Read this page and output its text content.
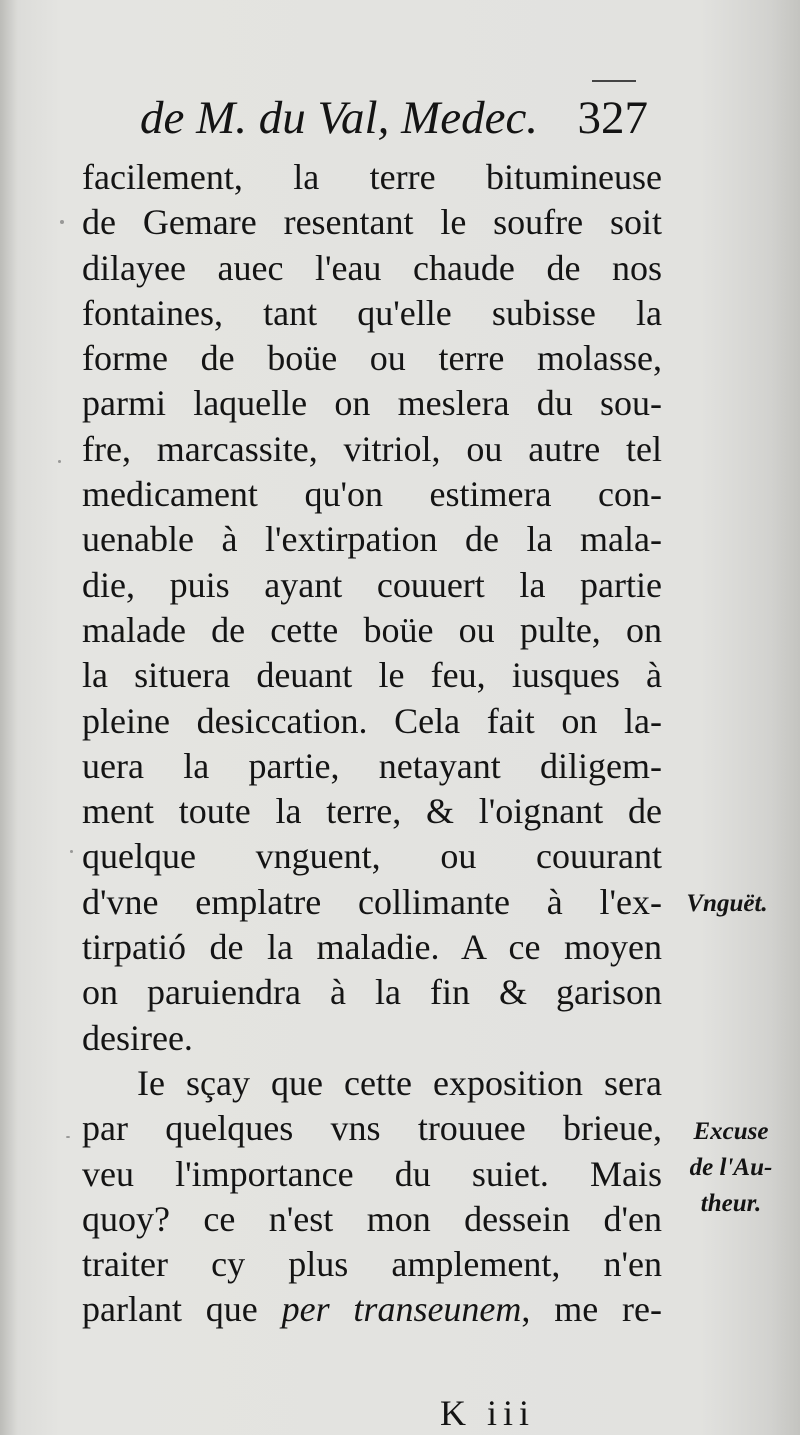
de M. du Val, Medec. 327
facilement, la terre bitumineuse
de Gemare resentant le soufre soit
dilayee auec l'eau chaude de nos
fontaines, tant qu'elle subisse la
forme de boüe ou terre molasse,
parmi laquelle on meslera du sou-
fre, marcassite, vitriol, ou autre tel
medicament qu'on estimera con-
uenable à l'extirpation de la mala-
die, puis ayant couuert la partie
malade de cette boüe ou pulte, on
la situera deuant le feu, iusques à
pleine desiccation. Cela fait on la-
uera la partie, netayant diligem-
ment toute la terre, & l'oignant de
quelque vnguent, ou couurant
d'vne emplatre collimante à l'ex-
tirpatió de la maladie. A ce moyen
on paruiendra à la fin & garison
desiree.
Ie sçay que cette exposition sera
par quelques vns trouuee brieue,
veu l'importance du suiet. Mais
quoy? ce n'est mon dessein d'en
traiter cy plus amplement, n'en
parlant que per transeunem, me re-
Vnguët.
Excuse
de l'Au-
theur.
K iii
